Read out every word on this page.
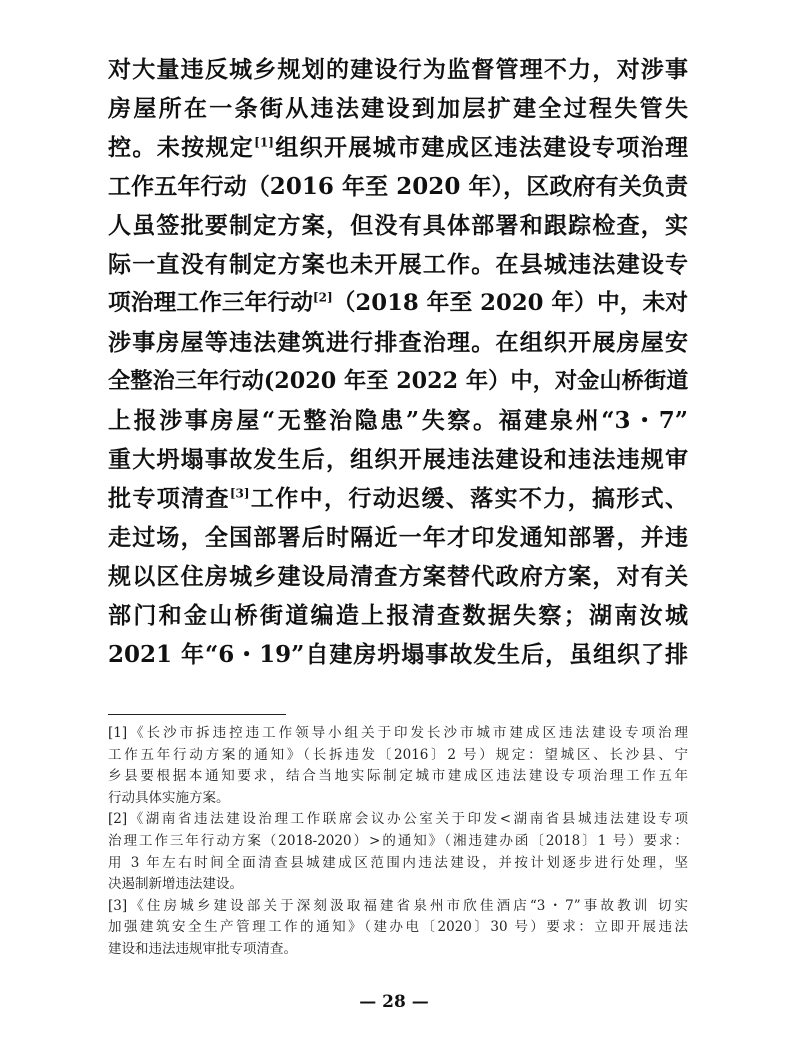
对大量违反城乡规划的建设行为监督管理不力，对涉事
房屋所在一条街从违法建设到加层扩建全过程失管失
控。未按规定[1]组织开展城市建成区违法建设专项治理
工作五年行动（2016 年至 2020 年），区政府有关负责
人虽签批要制定方案，但没有具体部署和跟踪检查，实
际一直没有制定方案也未开展工作。在县城违法建设专
项治理工作三年行动[2]（2018 年至 2020 年）中，未对
涉事房屋等违法建筑进行排查治理。在组织开展房屋安
全整治三年行动(2020 年至 2022 年）中，对金山桥街道
上报涉事房屋“无整治隐患”失察。福建泉州“3・7”
重大坍塌事故发生后，组织开展违法建设和违法违规审
批专项清查[3]工作中，行动迟缓、落实不力，搞形式、
走过场，全国部署后时隔近一年才印发通知部署，并违
规以区住房城乡建设局清查方案替代政府方案，对有关
部门和金山桥街道编造上报清查数据失察；湖南汝城
2021 年“6・19”自建房坍塌事故发生后，虽组织了排
[1]《长沙市拆违控违工作领导小组关于印发长沙市城市建成区违法建设专项治理
工作五年行动方案的通知》（长拆违发〔2016〕2 号）规定：望城区、长沙县、宁
乡县要根据本通知要求，结合当地实际制定城市建成区违法建设专项治理工作五年
行动具体实施方案。
[2]《湖南省违法建设治理工作联席会议办公室关于印发<湖南省县城违法建设专项
治理工作三年行动方案（2018-2020）>的通知》（湘违建办函〔2018〕1 号）要求：
用 3 年左右时间全面清查县城建成区范围内违法建设，并按计划逐步进行处理，坚
决遏制新增违法建设。
[3]《住房城乡建设部关于深刻汲取福建省泉州市欣佳酒店“3・7”事故教训 切实
加强建筑安全生产管理工作的通知》（建办电〔2020〕30 号）要求：立即开展违法
建设和违法违规审批专项清查。
— 28 —
